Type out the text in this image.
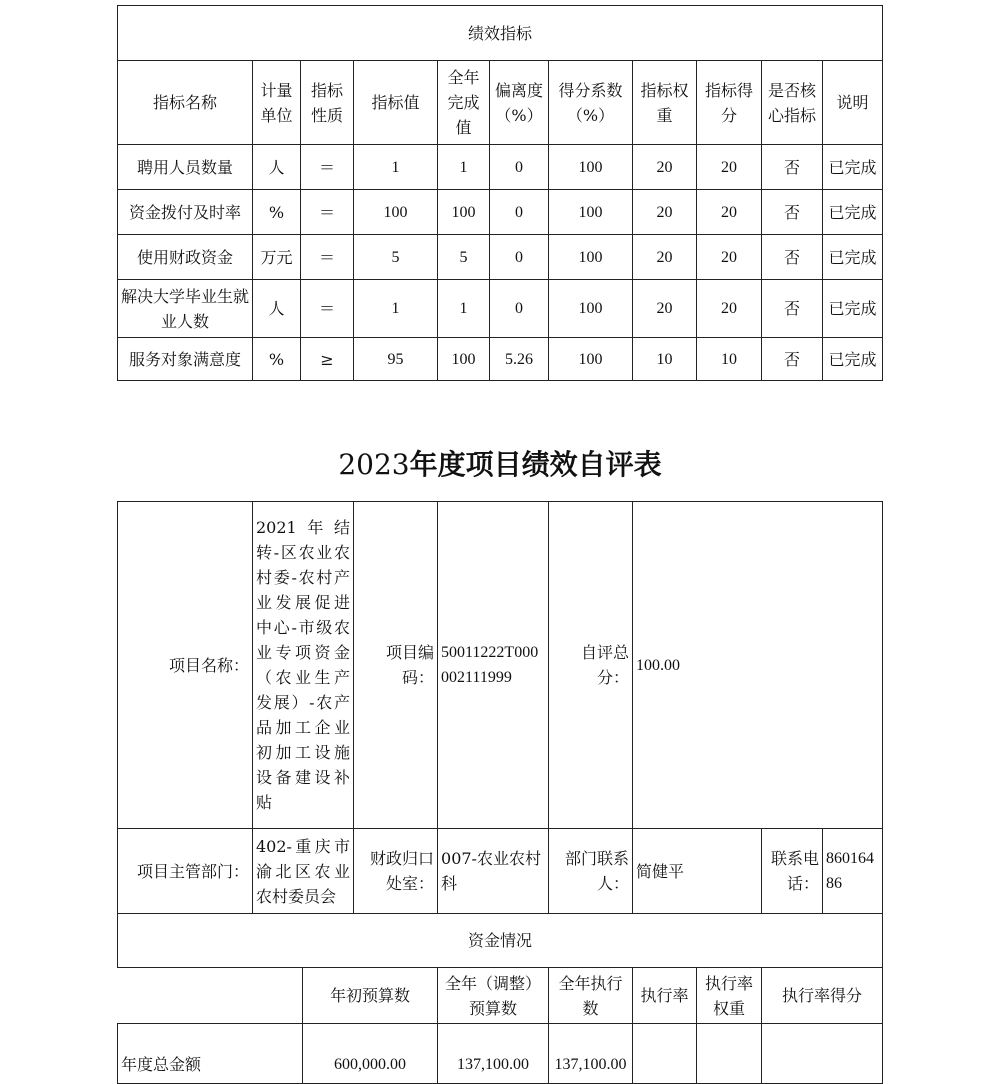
绩效指标										
指标名称	计量单位	指标性质	指标值	全年完成值	偏离度（%）	得分系数（%）	指标权重	指标得分	是否核心指标	说明
聘用人员数量	人	＝	1	1	0	100	20	20	否	已完成
资金拨付及时率	%	＝	100	100	0	100	20	20	否	已完成
使用财政资金	万元	＝	5	5	0	100	20	20	否	已完成
解决大学毕业生就业人数	人	＝	1	1	0	100	20	20	否	已完成
服务对象满意度	%	≥	95	100	5.26	100	10	10	否	已完成
2023年度项目绩效自评表
项目名称：	2021年结转-区农业农村委-农村产业发展促进中心-市级农业专项资金（农业生产发展）-农产品加工企业初加工设施设备建设补贴		项目编码：	50011222T000002111999	自评总分：	100.00			
项目主管部门：	402-重庆市渝北区农业农村委员会		财政归口处室：	007-农业农村科	部门联系人：	简健平		联系电话：	86016486
资金情况									
		年初预算数		全年（调整）预算数	全年执行数	执行率	执行率权重	执行率得分	
年度总金额		600,000.00		137,100.00	137,100.00				
